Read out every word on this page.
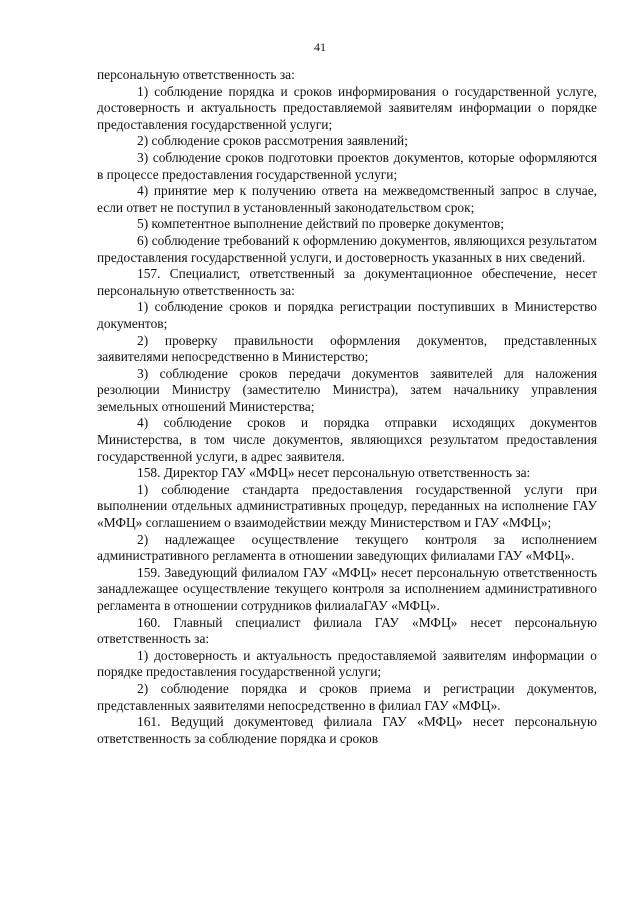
41

персональную ответственность за:

1) соблюдение порядка и сроков информирования о государственной услуге, достоверность и актуальность предоставляемой заявителям информации о порядке предоставления государственной услуги;

2) соблюдение сроков рассмотрения заявлений;

3) соблюдение сроков подготовки проектов документов, которые оформляются в процессе предоставления государственной услуги;

4) принятие мер к получению ответа на межведомственный запрос в случае, если ответ не поступил в установленный законодательством срок;

5) компетентное выполнение действий по проверке документов;

6) соблюдение требований к оформлению документов, являющихся результатом предоставления государственной услуги, и достоверность указанных в них сведений.

157. Специалист, ответственный за документационное обеспечение, несет персональную ответственность за:

1) соблюдение сроков и порядка регистрации поступивших в Министерство документов;

2) проверку правильности оформления документов, представленных заявителями непосредственно в Министерство;

3) соблюдение сроков передачи документов заявителей для наложения резолюции Министру (заместителю Министра), затем начальнику управления земельных отношений Министерства;

4) соблюдение сроков и порядка отправки исходящих документов Министерства, в том числе документов, являющихся результатом предоставления государственной услуги, в адрес заявителя.

158. Директор ГАУ «МФЦ» несет персональную ответственность за:

1) соблюдение стандарта предоставления государственной услуги при выполнении отдельных административных процедур, переданных на исполнение ГАУ «МФЦ» соглашением о взаимодействии между Министерством и ГАУ «МФЦ»;

2) надлежащее осуществление текущего контроля за исполнением административного регламента в отношении заведующих филиалами ГАУ «МФЦ».

159. Заведующий филиалом ГАУ «МФЦ» несет персональную ответственность занадлежащее осуществление текущего контроля за исполнением административного регламента в отношении сотрудников филиалаГАУ «МФЦ».

160. Главный специалист филиала ГАУ «МФЦ» несет персональную ответственность за:

1) достоверность и актуальность предоставляемой заявителям информации о порядке предоставления государственной услуги;

2) соблюдение порядка и сроков приема и регистрации документов, представленных заявителями непосредственно в филиал ГАУ «МФЦ».

161. Ведущий документовед филиала ГАУ «МФЦ» несет персональную ответственность за соблюдение порядка и сроков
